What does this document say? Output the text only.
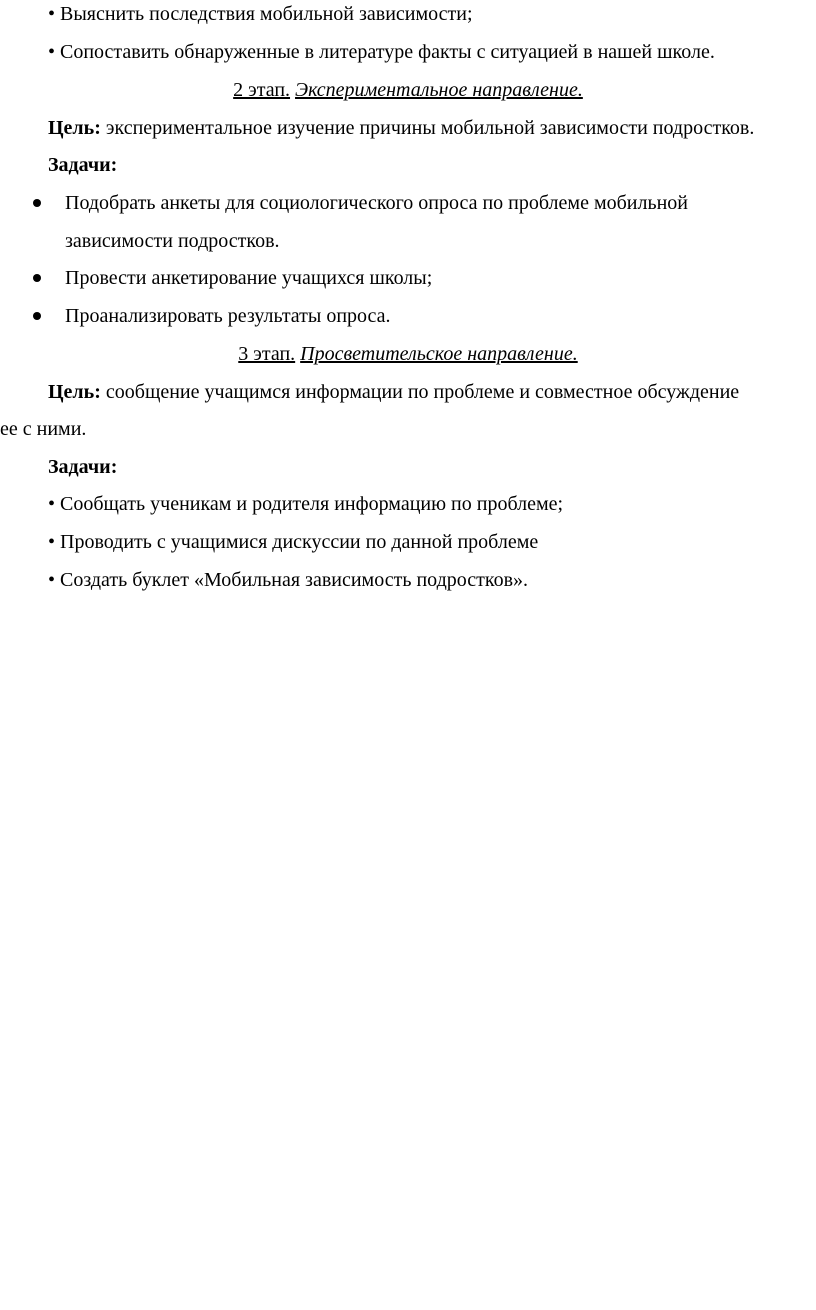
• Выяснить последствия мобильной зависимости;
• Сопоставить обнаруженные в литературе факты с ситуацией в нашей школе.
2 этап. Экспериментальное направление.
Цель: экспериментальное изучение причины мобильной зависимости подростков.
Задачи:
Подобрать анкеты для социологического опроса по проблеме мобильной
зависимости подростков.
Провести анкетирование учащихся школы;
Проанализировать результаты опроса.
3 этап. Просветительское направление.
Цель: сообщение учащимся информации по проблеме и совместное обсуждение
ее с ними.
Задачи:
• Сообщать ученикам и родителя информацию по проблеме;
• Проводить с учащимися дискуссии по данной проблеме
• Создать буклет «Мобильная зависимость подростков».
